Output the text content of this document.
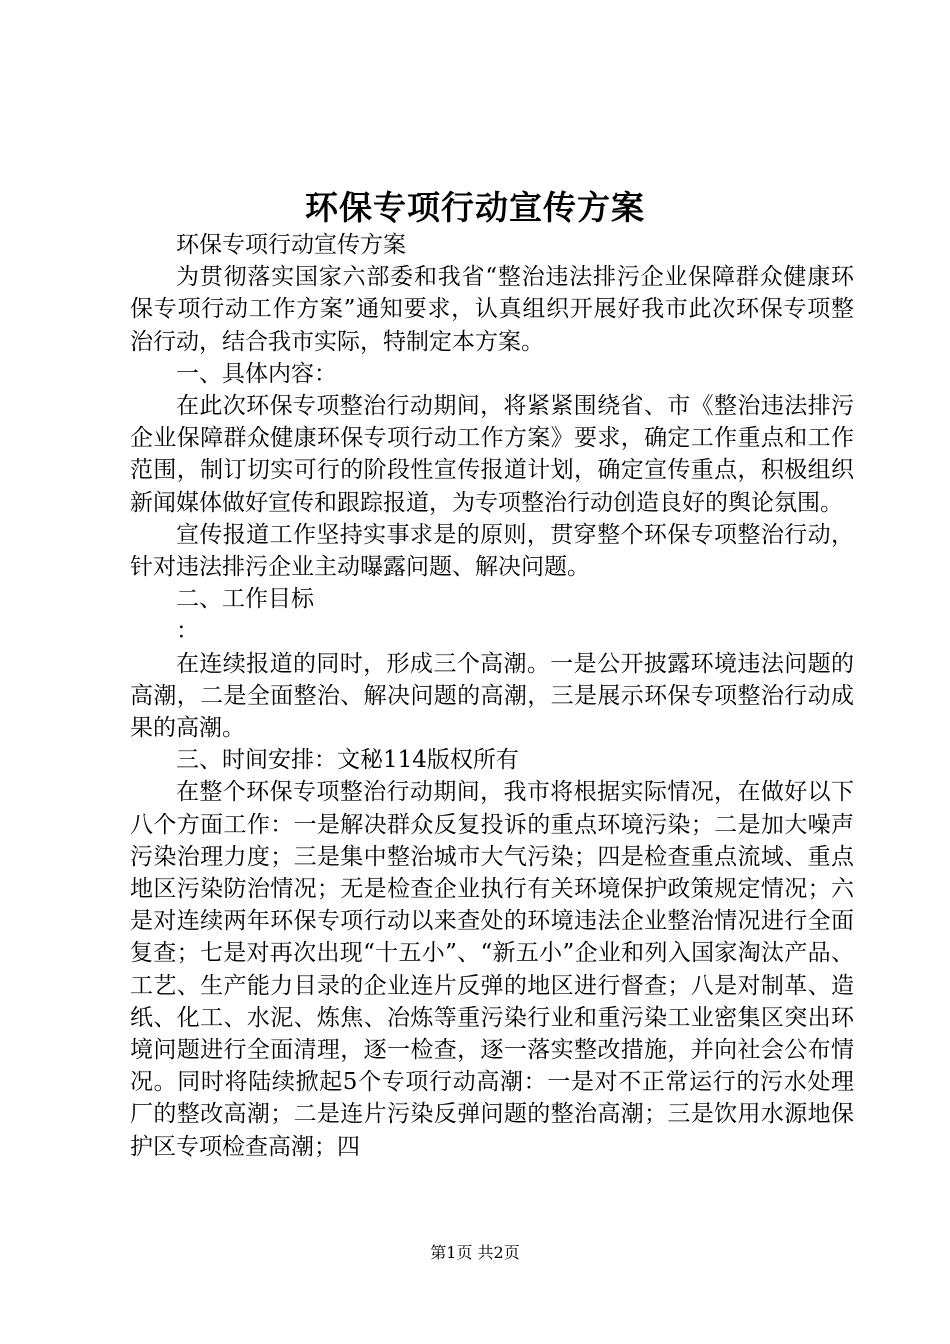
环保专项行动宣传方案

环保专项行动宣传方案

为贯彻落实国家六部委和我省“整治违法排污企业保障群众健康环保专项行动工作方案”通知要求，认真组织开展好我市此次环保专项整治行动，结合我市实际，特制定本方案。

一、具体内容：

在此次环保专项整治行动期间，将紧紧围绕省、市《整治违法排污企业保障群众健康环保专项行动工作方案》要求，确定工作重点和工作范围，制订切实可行的阶段性宣传报道计划，确定宣传重点，积极组织新闻媒体做好宣传和跟踪报道，为专项整治行动创造良好的舆论氛围。

宣传报道工作坚持实事求是的原则，贯穿整个环保专项整治行动，针对违法排污企业主动曝露问题、解决问题。

二、工作目标

：

在连续报道的同时，形成三个高潮。一是公开披露环境违法问题的高潮，二是全面整治、解决问题的高潮，三是展示环保专项整治行动成果的高潮。

三、时间安排：文秘114版权所有

在整个环保专项整治行动期间，我市将根据实际情况，在做好以下八个方面工作：一是解决群众反复投诉的重点环境污染；二是加大噪声污染治理力度；三是集中整治城市大气污染；四是检查重点流域、重点地区污染防治情况；无是检查企业执行有关环境保护政策规定情况；六是对连续两年环保专项行动以来查处的环境违法企业整治情况进行全面复查；七是对再次出现“十五小”、“新五小”企业和列入国家淘汰产品、工艺、生产能力目录的企业连片反弹的地区进行督查；八是对制革、造纸、化工、水泥、炼焦、冶炼等重污染行业和重污染工业密集区突出环境问题进行全面清理，逐一检查，逐一落实整改措施，并向社会公布情况。同时将陆续掀起5个专项行动高潮：一是对不正常运行的污水处理厂的整改高潮；二是连片污染反弹问题的整治高潮；三是饮用水源地保护区专项检查高潮；四

第1页 共2页
